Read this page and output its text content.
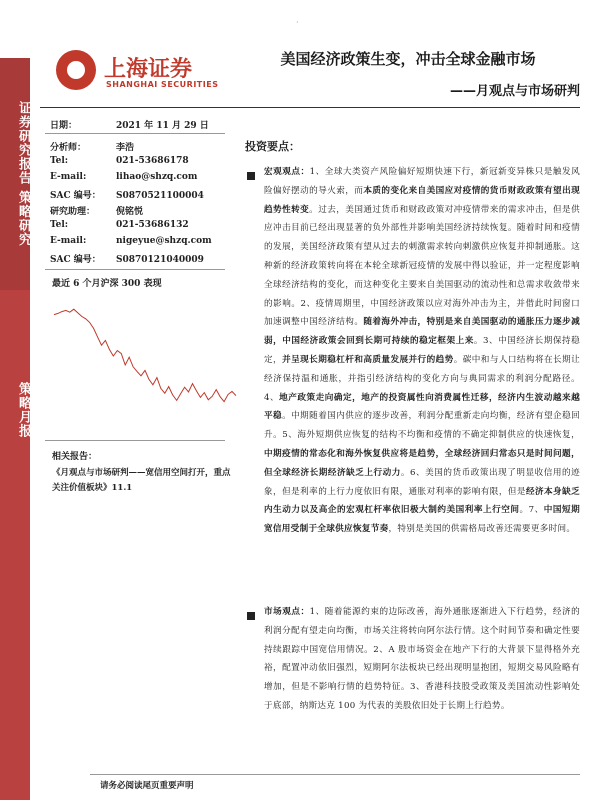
证券研究报告 策略研究
策略月报
·
上海证券
SHANGHAI SECURITIES
美国经济政策生变，冲击全球金融市场
——月观点与市场研判
日期：	2021 年 11 月 29 日
分析师：	李浩
Tel:	021-53686178
E-mail:	lihao@shzq.com
SAC 编号： S0870521100004
研究助理： 倪铭悦
Tel:	021-53686132
E-mail:	nigeyue@shzq.com
SAC 编号： S0870121040009
最近 6 个月沪深 300 表现
相关报告：
《月观点与市场研判——宽信用空间打开，重点关注价值板块》11.1
投资要点：

宏观观点：1、全球大类资产风险偏好短期快速下行，新冠新变异株只是触发风险偏好摆动的导火索，而本质的变化来自美国应对疫情的货币财政政策有望出现趋势性转变。过去，美国通过货币和财政政策对冲疫情带来的需求冲击，但是供应冲击目前已经出现显著的负外部性并影响美国经济持续恢复。随着时间和疫情的发展，美国经济政策有望从过去的刺激需求转向刺激供应恢复并抑制通胀。这种新的经济政策转向将在本轮全球新冠疫情的发展中得以验证，并一定程度影响全球经济结构的变化，而这种变化主要来自美国驱动的流动性和总需求收敛带来的影响。2、疫情周期里，中国经济政策以应对海外冲击为主，并借此时间窗口加速调整中国经济结构。随着海外冲击，特别是来自美国驱动的通胀压力逐步减弱，中国经济政策会回到长期可持续的稳定框架上来。3、中国经济长期保持稳定，并呈现长期稳杠杆和高质量发展并行的趋势。碳中和与人口结构将在长期让经济保持温和通胀，并指引经济结构的变化方向与典同需求的利润分配路径。4、地产政策走向确定，地产的投资属性向消费属性迁移，经济内生波动越来越平稳。中期随着国内供应的逐步改善，利润分配重新走向均衡，经济有望企稳回升。5、海外短期供应恢复的结构不均衡和疫情的不确定抑制供应的快速恢复，中期疫情的常态化和海外恢复供应将是趋势，全球经济回归常态只是时间问题，但全球经济长期经济缺乏上行动力。6、美国的货币政策出现了明显收信用的迹象，但是利率的上行力度依旧有限，通胀对利率的影响有限，但是经济本身缺乏内生动力以及高企的宏观杠杆率依旧极大制约美国利率上行空间。7、中国短期宽信用受制于全球供应恢复节奏，特别是美国的供需格局改善还需要更多时间。

市场观点：1、随着能源约束的边际改善，海外通胀逐渐进入下行趋势，经济的利润分配有望走向均衡，市场关注将转向阿尔法行情。这个时间节奏和确定性要持续跟踪中国宽信用情况。2、A 股市场资金在地产下行的大背景下显得格外充裕，配置冲动依旧强烈，短期阿尔法板块已经出现明显抱团，短期交易风险略有增加，但是不影响行情的趋势特征。3、香港科技股受政策及美国流动性影响处于底部，纳斯达克 100 为代表的美股依旧处于长期上行趋势。

请务必阅读尾页重要声明
